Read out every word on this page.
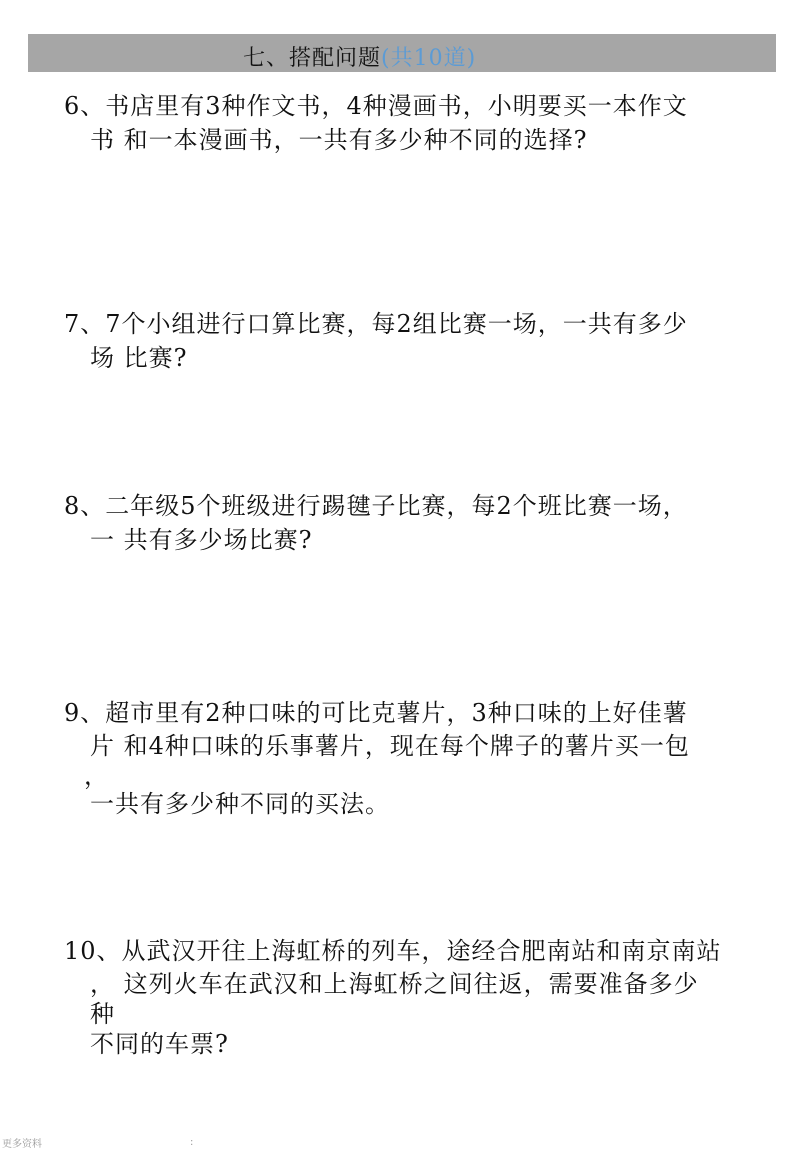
七、搭配问题(共10道)
6、书店里有3种作文书，4种漫画书，小明要买一本作文
书 和一本漫画书，一共有多少种不同的选择?
7、7个小组进行口算比赛，每2组比赛一场，一共有多少
场 比赛?
8、二年级5个班级进行踢毽子比赛，每2个班比赛一场，
一 共有多少场比赛?
9、超市里有2种口味的可比克薯片，3种口味的上好佳薯
片 和4种口味的乐事薯片，现在每个牌子的薯片买一包
，
一共有多少种不同的买法。
10、从武汉开往上海虹桥的列车，途经合肥南站和南京南站
， 这列火车在武汉和上海虹桥之间往返，需要准备多少
种
不同的车票?
更多资料	:
